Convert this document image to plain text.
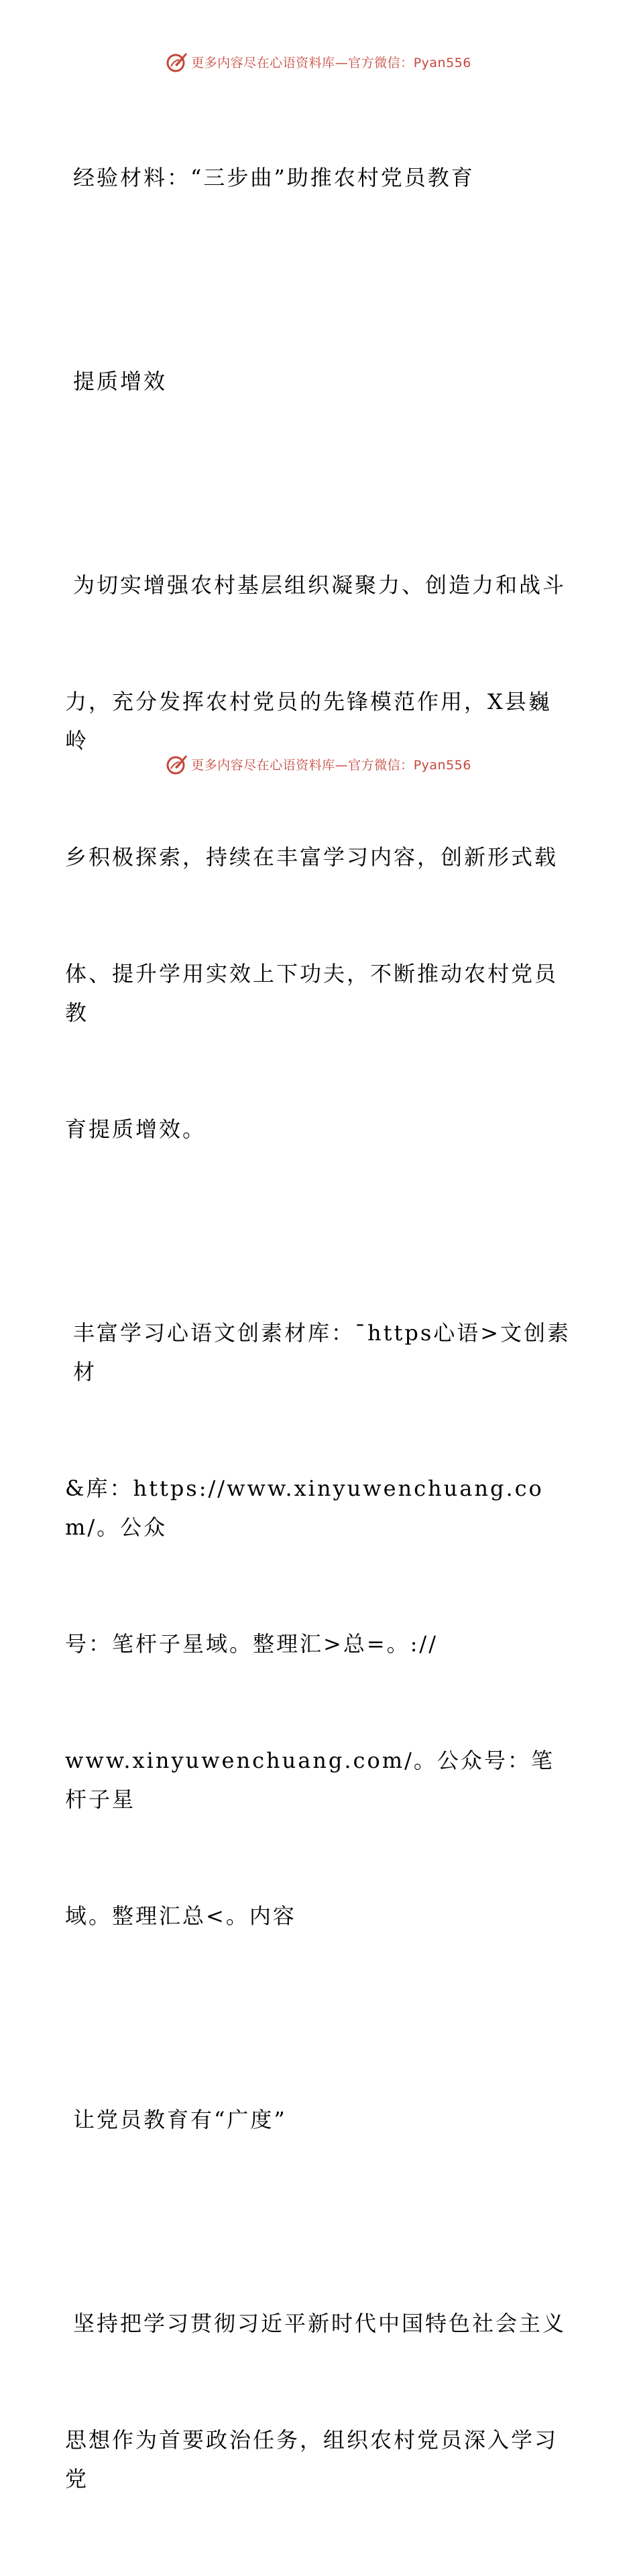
更多内容尽在心语资料库—官方微信：Pyan556

经验材料：“三步曲”助推农村党员教育

提质增效

为切实增强农村基层组织凝聚力、创造力和战斗

力，充分发挥农村党员的先锋模范作用，X县巍岭

乡积极探索，持续在丰富学习内容，创新形式载

体、提升学用实效上下功夫，不断推动农村党员教

育提质增效。

丰富学习心语文创素材库：¯https心语>文创素材

&库：https://www.xinyuwenchuang.com/。公众

号：笔杆子星域。整理汇>总=。://

www.xinyuwenchuang.com/。公众号：笔杆子星

域。整理汇总<。内容

让党员教育有“广度”

坚持把学习贯彻习近平新时代中国特色社会主义

思想作为首要政治任务，组织农村党员深入学习党

更多内容尽在心语资料库—官方微信：Pyan556
